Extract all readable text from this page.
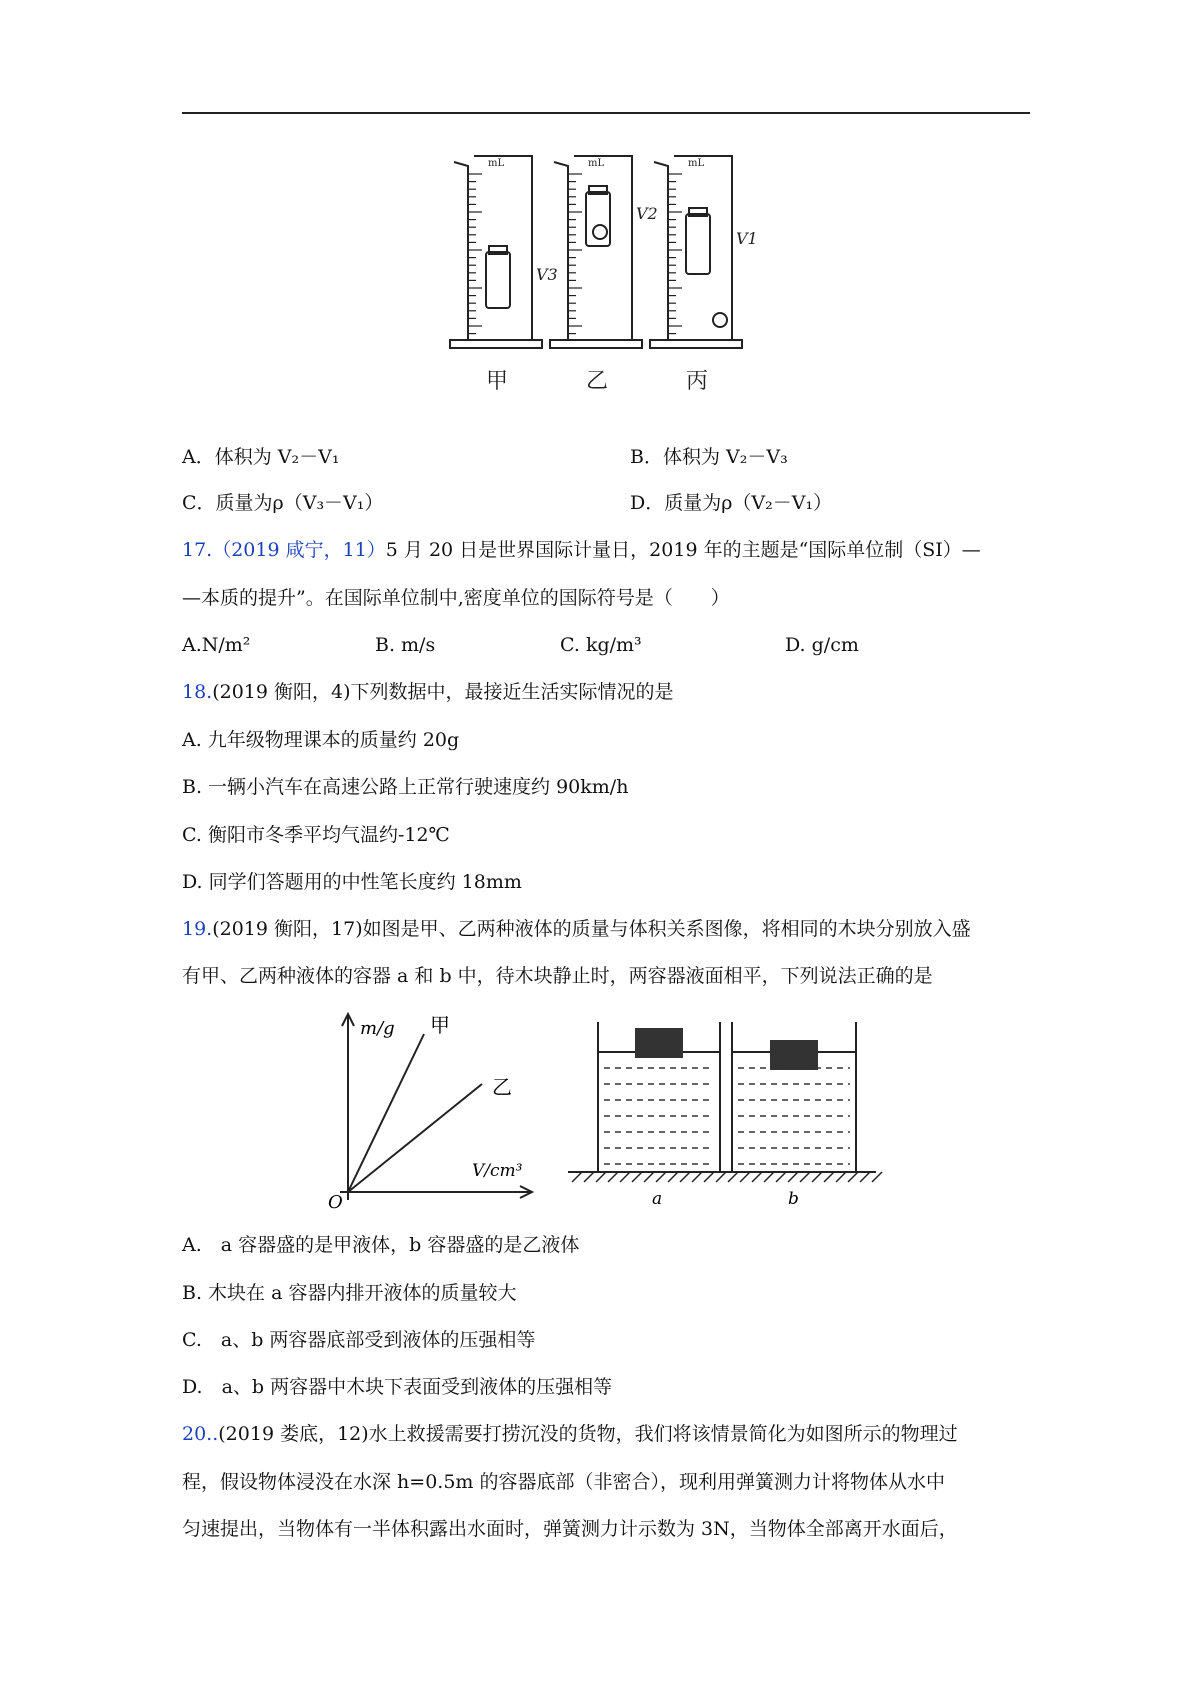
mL
V3
甲
mL
V2
乙
mL
V1
丙
A．体积为 V₂－V₁	B．体积为 V₂－V₃
C．质量为ρ（V₃－V₁）	D．质量为ρ（V₂－V₁）
17.（2019 咸宁，11）5 月 20 日是世界国际计量日，2019 年的主题是“国际单位制（SI）—
—本质的提升”。在国际单位制中,密度单位的国际符号是（　　）
A.N/m²	B. m/s	C. kg/m³	D. g/cm
18.(2019 衡阳，4)下列数据中，最接近生活实际情况的是
A. 九年级物理课本的质量约 20g
B. 一辆小汽车在高速公路上正常行驶速度约 90km/h
C. 衡阳市冬季平均气温约-12℃
D. 同学们答题用的中性笔长度约 18mm
19.(2019 衡阳，17)如图是甲、乙两种液体的质量与体积关系图像，将相同的木块分别放入盛
有甲、乙两种液体的容器 a 和 b 中，待木块静止时，两容器液面相平，下列说法正确的是
m/g 甲
乙
V/cm³
O	a	b
A.　a 容器盛的是甲液体，b 容器盛的是乙液体
B. 木块在 a 容器内排开液体的质量较大
C.　a、b 两容器底部受到液体的压强相等
D.　a、b 两容器中木块下表面受到液体的压强相等
20..(2019 娄底，12)水上救援需要打捞沉没的货物，我们将该情景简化为如图所示的物理过
程，假设物体浸没在水深 h=0.5m 的容器底部（非密合），现利用弹簧测力计将物体从水中
匀速提出，当物体有一半体积露出水面时，弹簧测力计示数为 3N，当物体全部离开水面后，
